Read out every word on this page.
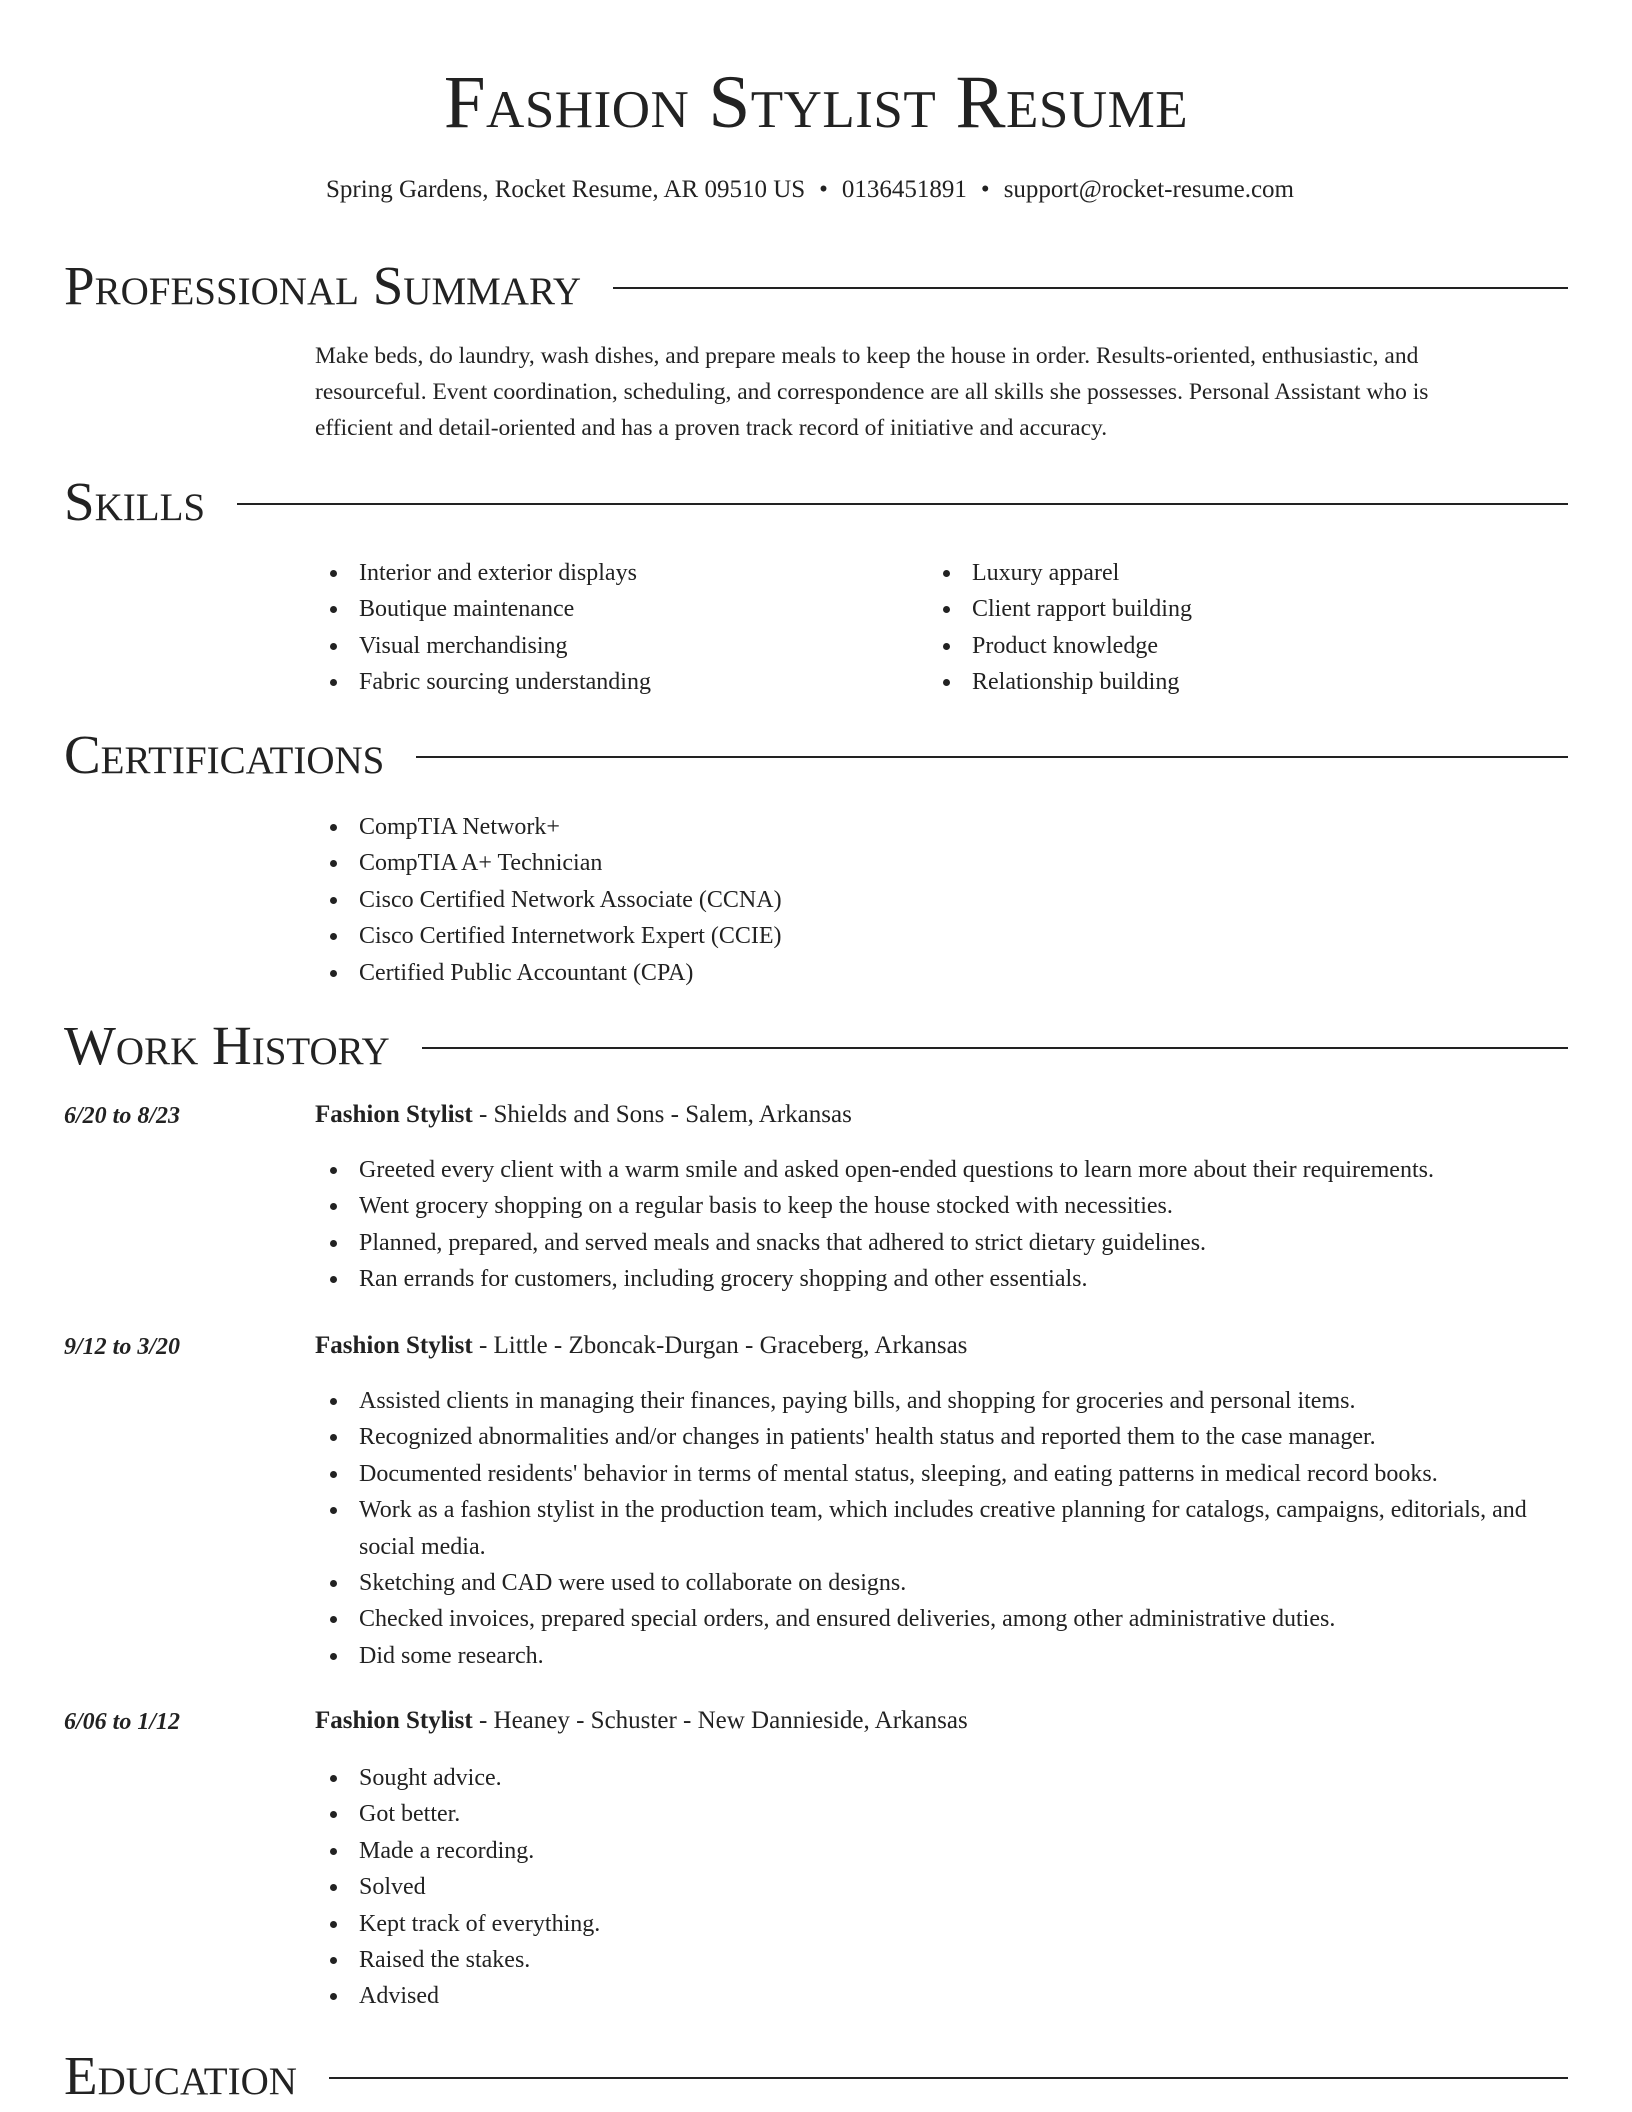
Fashion Stylist Resume
Spring Gardens, Rocket Resume, AR 09510 US • 0136451891 • support@rocket-resume.com
Professional Summary

Make beds, do laundry, wash dishes, and prepare meals to keep the house in order. Results-oriented, enthusiastic, and resourceful. Event coordination, scheduling, and correspondence are all skills she possesses. Personal Assistant who is efficient and detail-oriented and has a proven track record of initiative and accuracy.

Skills
Interior and exterior displays
Boutique maintenance
Visual merchandising
Fabric sourcing understanding
Luxury apparel
Client rapport building
Product knowledge
Relationship building
Certifications
CompTIA Network+
CompTIA A+ Technician
Cisco Certified Network Associate (CCNA)
Cisco Certified Internetwork Expert (CCIE)
Certified Public Accountant (CPA)
Work History
6/20 to 8/23	Fashion Stylist - Shields and Sons - Salem, Arkansas
Greeted every client with a warm smile and asked open-ended questions to learn more about their requirements.
Went grocery shopping on a regular basis to keep the house stocked with necessities.
Planned, prepared, and served meals and snacks that adhered to strict dietary guidelines.
Ran errands for customers, including grocery shopping and other essentials.
9/12 to 3/20	Fashion Stylist - Little - Zboncak-Durgan - Graceberg, Arkansas
Assisted clients in managing their finances, paying bills, and shopping for groceries and personal items.
Recognized abnormalities and/or changes in patients' health status and reported them to the case manager.
Documented residents' behavior in terms of mental status, sleeping, and eating patterns in medical record books.
Work as a fashion stylist in the production team, which includes creative planning for catalogs, campaigns, editorials, and social media.
Sketching and CAD were used to collaborate on designs.
Checked invoices, prepared special orders, and ensured deliveries, among other administrative duties.
Did some research.
6/06 to 1/12	Fashion Stylist - Heaney - Schuster - New Dannieside, Arkansas
Sought advice.
Got better.
Made a recording.
Solved
Kept track of everything.
Raised the stakes.
Advised
Education
